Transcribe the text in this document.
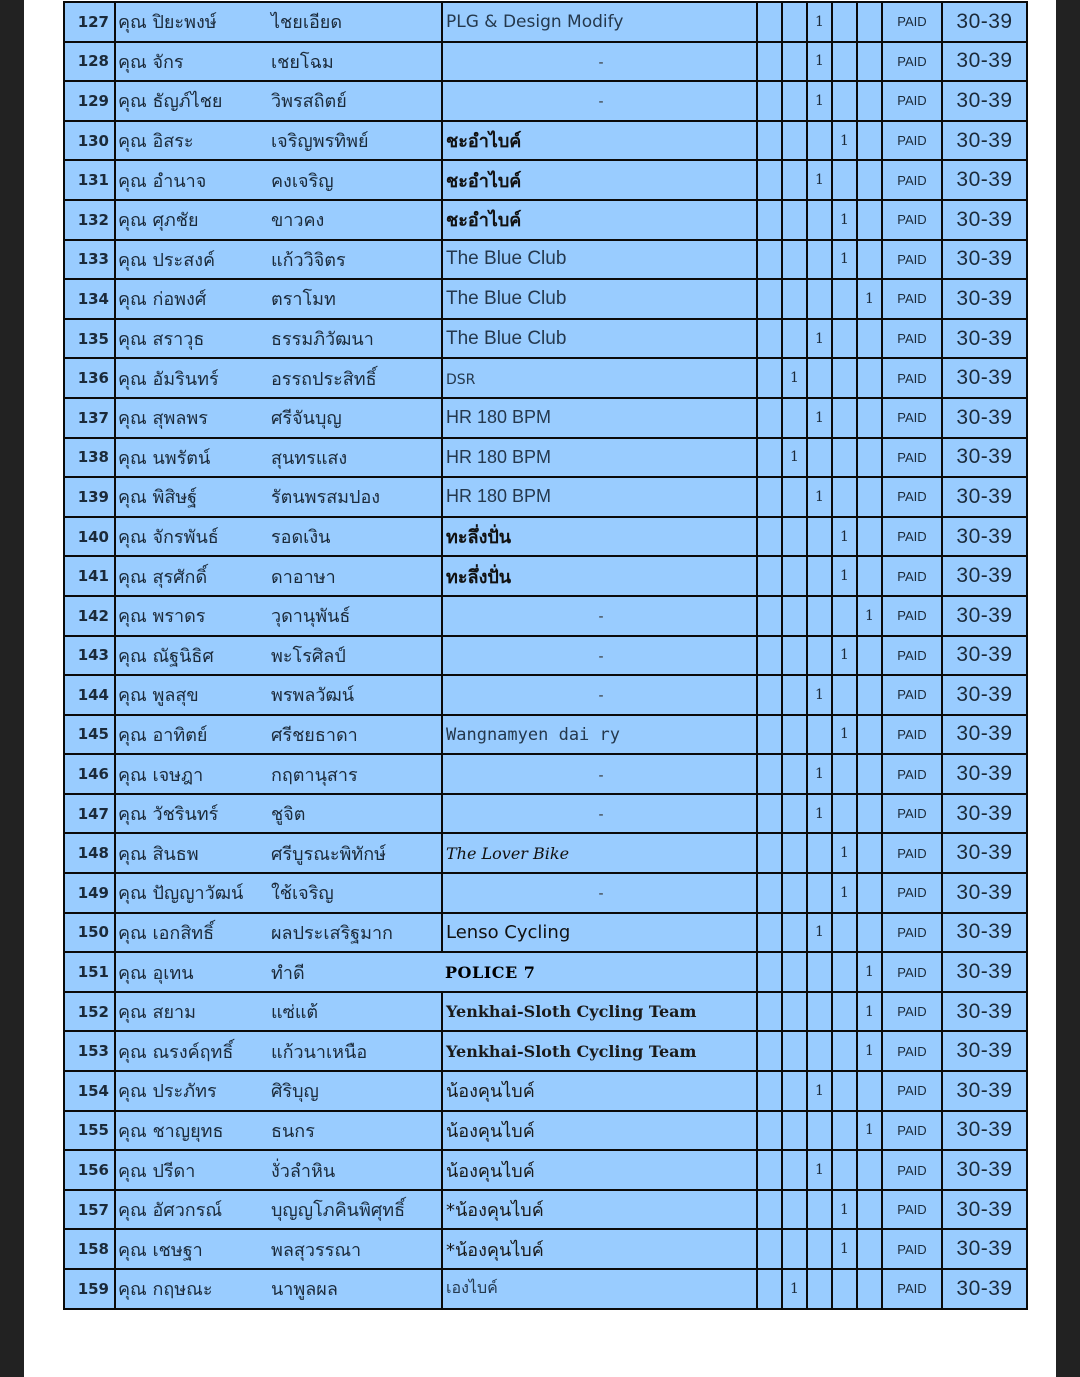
127	คุณ ปิยะพงษ์	ไชยเอียด	PLG & Design Modify			1			PAID	30-39
128	คุณ จักร	เชยโฉม	-			1			PAID	30-39
129	คุณ ธัญภ์ไชย	วิพรสถิตย์	-			1			PAID	30-39
130	คุณ อิสระ	เจริญพรทิพย์	ชะอำไบค์				1		PAID	30-39
131	คุณ อำนาจ	คงเจริญ	ชะอำไบค์			1			PAID	30-39
132	คุณ ศุภชัย	ขาวคง	ชะอำไบค์				1		PAID	30-39
133	คุณ ประสงค์	แก้ววิจิตร	The Blue Club				1		PAID	30-39
134	คุณ ก่อพงศ์	ตราโมท	The Blue Club					1	PAID	30-39
135	คุณ สราวุธ	ธรรมภิวัฒนา	The Blue Club			1			PAID	30-39
136	คุณ อัมรินทร์	อรรถประสิทธิ์	DSR		1				PAID	30-39
137	คุณ สุพลพร	ศรีจันบุญ	HR 180 BPM			1			PAID	30-39
138	คุณ นพรัตน์	สุนทรแสง	HR 180 BPM		1				PAID	30-39
139	คุณ พิสิษฐ์	รัตนพรสมปอง	HR 180 BPM			1			PAID	30-39
140	คุณ จักรพันธ์	รอดเงิน	ทะลึ่งปั่น				1		PAID	30-39
141	คุณ สุรศักดิ์	ดาอาษา	ทะลึ่งปั่น				1		PAID	30-39
142	คุณ พราดร	วุดานุพันธ์	-					1	PAID	30-39
143	คุณ ณัฐนิธิศ	พะโรศิลป์	-				1		PAID	30-39
144	คุณ พูลสุข	พรพลวัฒน์	-			1			PAID	30-39
145	คุณ อาทิตย์	ศรีชยธาดา	Wangnamyen dai ry				1		PAID	30-39
146	คุณ เจษฎา	กฤตานุสาร	-			1			PAID	30-39
147	คุณ วัชรินทร์	ชูจิต	-			1			PAID	30-39
148	คุณ สินธพ	ศรีบูรณะพิทักษ์	The Lover Bike				1		PAID	30-39
149	คุณ ปัญญาวัฒน์	ใช้เจริญ	-				1		PAID	30-39
150	คุณ เอกสิทธิ์	ผลประเสริฐมาก	Lenso Cycling			1			PAID	30-39
151	คุณ อุเทน	ทำดี	POLICE 7					1	PAID	30-39
152	คุณ สยาม	แซ่แต้	Yenkhai-Sloth Cycling Team					1	PAID	30-39
153	คุณ ณรงค์ฤทธิ์	แก้วนาเหนือ	Yenkhai-Sloth Cycling Team					1	PAID	30-39
154	คุณ ประภัทร	ศิริบุญ	น้องคุนไบค์			1			PAID	30-39
155	คุณ ชาญยุทธ	ธนกร	น้องคุนไบค์					1	PAID	30-39
156	คุณ ปรีดา	งั่วลำหิน	น้องคุนไบค์			1			PAID	30-39
157	คุณ อัศวกรณ์	บุญญโภคินพิศุทธิ์	*น้องคุนไบค์				1		PAID	30-39
158	คุณ เชษฐา	พลสุวรรณา	*น้องคุนไบค์				1		PAID	30-39
159	คุณ กฤษณะ	นาพูลผล	เองไบค์		1				PAID	30-39
